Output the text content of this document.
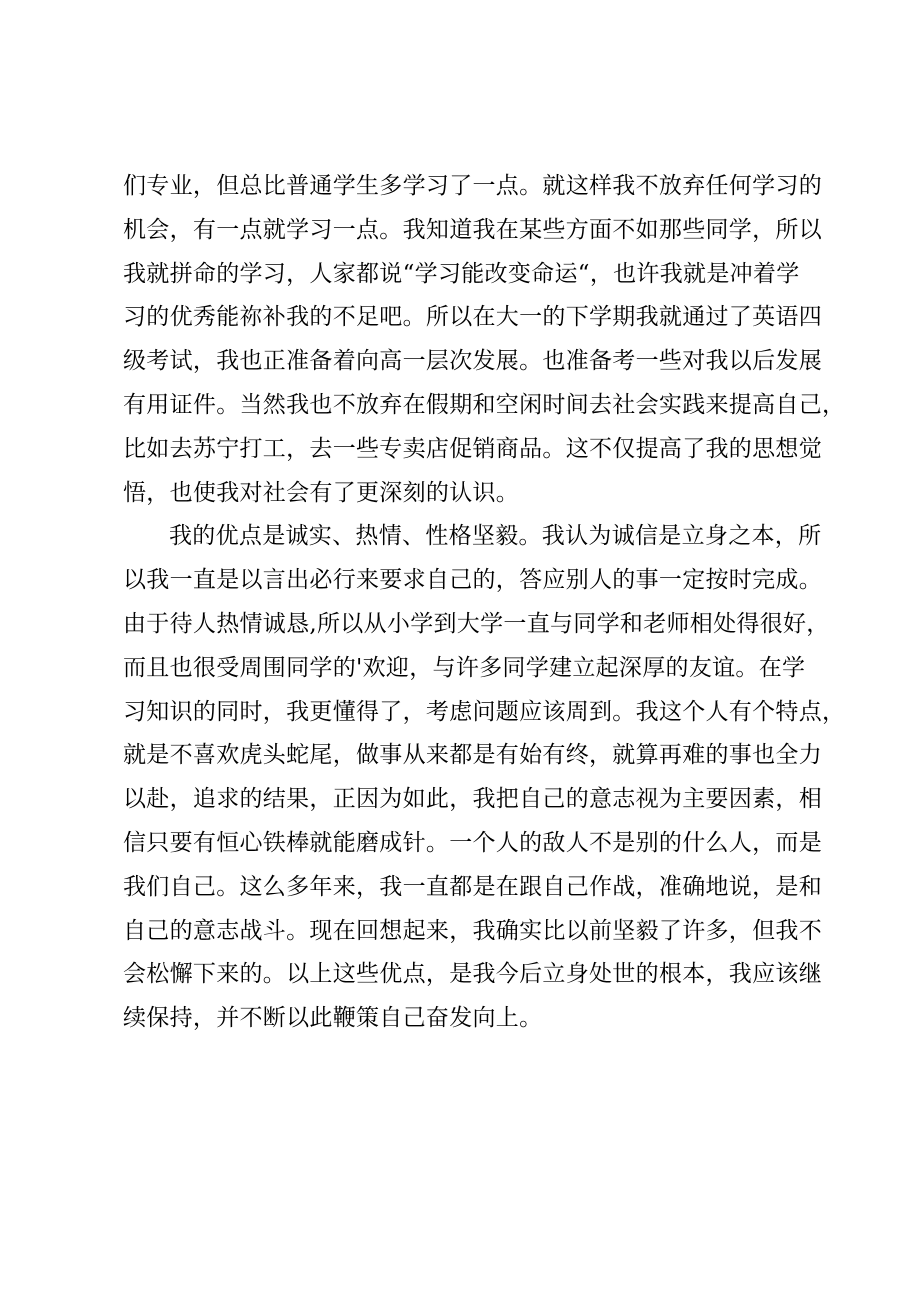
们专业，但总比普通学生多学习了一点。就这样我不放弃任何学习的
机会，有一点就学习一点。我知道我在某些方面不如那些同学，所以
我就拼命的学习，人家都说“学习能改变命运“，也许我就是冲着学
习的优秀能祢补我的不足吧。所以在大一的下学期我就通过了英语四
级考试，我也正准备着向高一层次发展。也准备考一些对我以后发展
有用证件。当然我也不放弃在假期和空闲时间去社会实践来提高自己，
比如去苏宁打工，去一些专卖店促销商品。这不仅提高了我的思想觉
悟，也使我对社会有了更深刻的认识。
我的优点是诚实、热情、性格坚毅。我认为诚信是立身之本，所
以我一直是以言出必行来要求自己的，答应别人的事一定按时完成。
由于待人热情诚恳,所以从小学到大学一直与同学和老师相处得很好，
而且也很受周围同学的'欢迎，与许多同学建立起深厚的友谊。在学
习知识的同时，我更懂得了，考虑问题应该周到。我这个人有个特点，
就是不喜欢虎头蛇尾，做事从来都是有始有终，就算再难的事也全力
以赴，追求的结果，正因为如此，我把自己的意志视为主要因素，相
信只要有恒心铁棒就能磨成针。一个人的敌人不是别的什么人，而是
我们自己。这么多年来，我一直都是在跟自己作战，准确地说，是和
自己的意志战斗。现在回想起来，我确实比以前坚毅了许多，但我不
会松懈下来的。以上这些优点，是我今后立身处世的根本，我应该继
续保持，并不断以此鞭策自己奋发向上。
